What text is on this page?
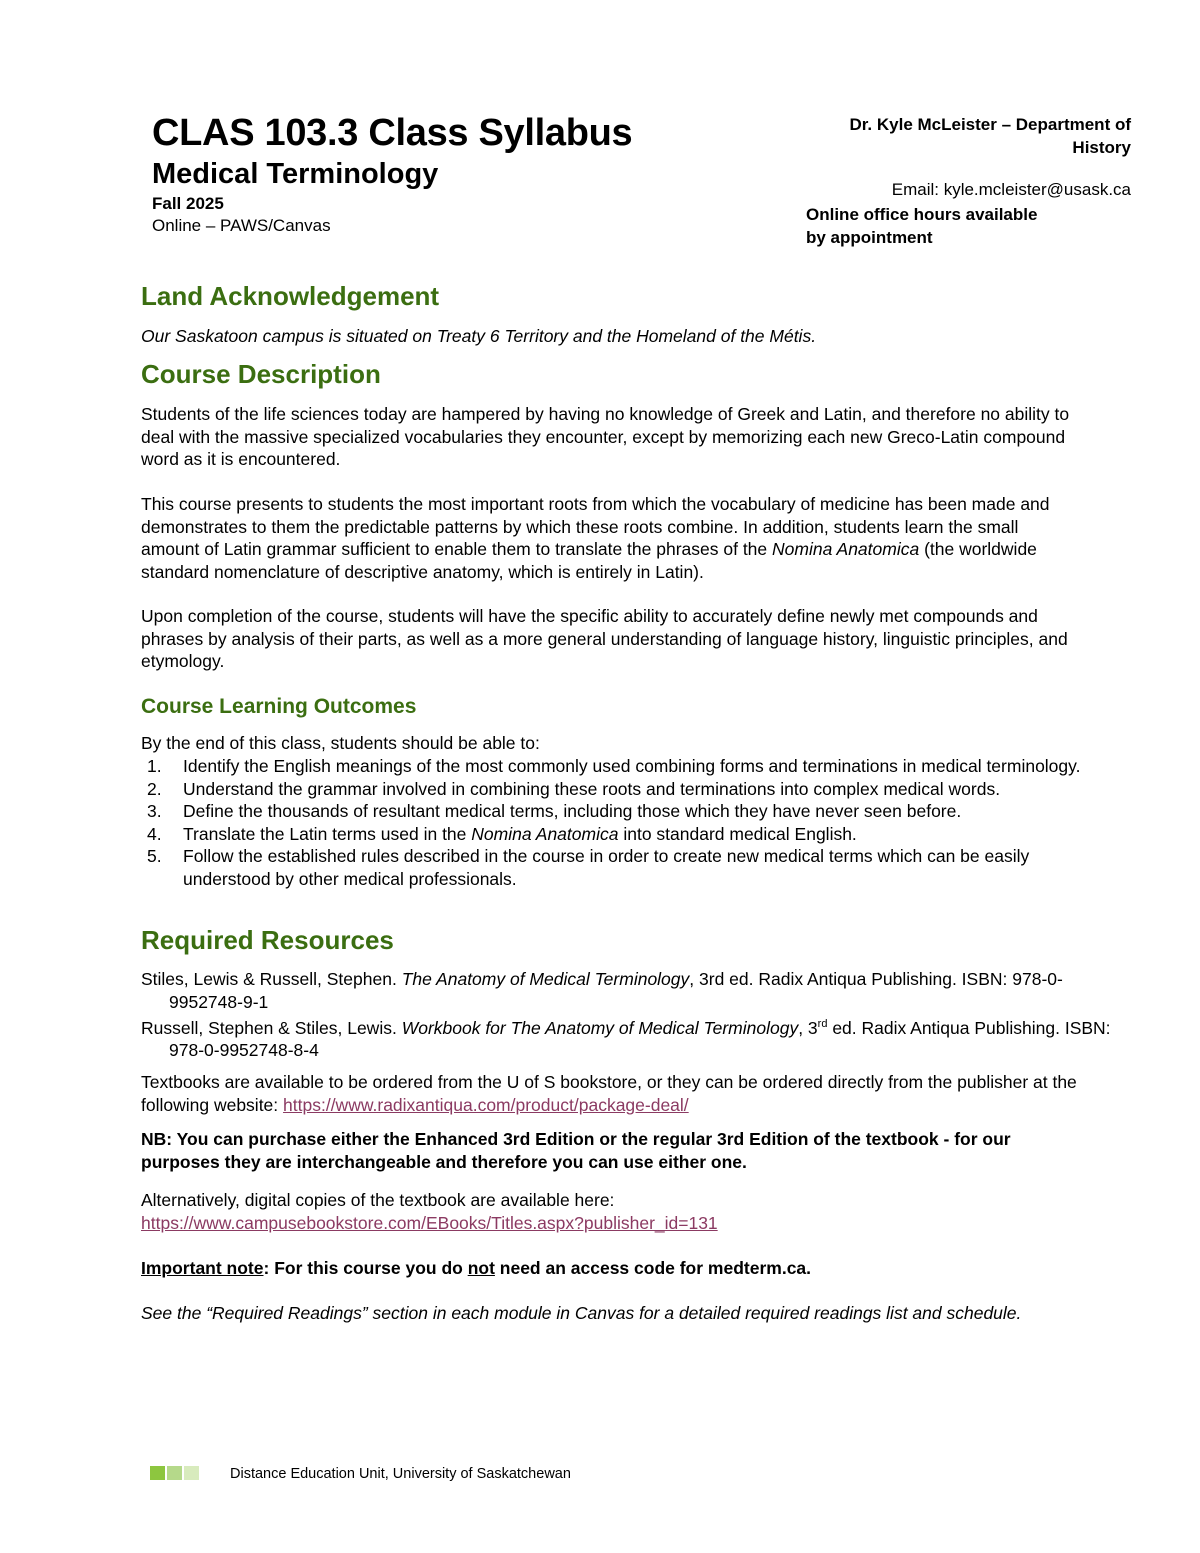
CLAS 103.3 Class Syllabus
Medical Terminology
Fall 2025
Online – PAWS/Canvas
Dr. Kyle McLeister – Department of
History
Email: kyle.mcleister@usask.ca
Online office hours available
by appointment
Land Acknowledgement
Our Saskatoon campus is situated on Treaty 6 Territory and the Homeland of the Métis.
Course Description
Students of the life sciences today are hampered by having no knowledge of Greek and Latin, and therefore no ability to deal with the massive specialized vocabularies they encounter, except by memorizing each new Greco-Latin compound word as it is encountered.
This course presents to students the most important roots from which the vocabulary of medicine has been made and demonstrates to them the predictable patterns by which these roots combine. In addition, students learn the small amount of Latin grammar sufficient to enable them to translate the phrases of the Nomina Anatomica (the worldwide standard nomenclature of descriptive anatomy, which is entirely in Latin).
Upon completion of the course, students will have the specific ability to accurately define newly met compounds and phrases by analysis of their parts, as well as a more general understanding of language history, linguistic principles, and etymology.
Course Learning Outcomes
By the end of this class, students should be able to:
1. Identify the English meanings of the most commonly used combining forms and terminations in medical terminology.
2. Understand the grammar involved in combining these roots and terminations into complex medical words.
3. Define the thousands of resultant medical terms, including those which they have never seen before.
4. Translate the Latin terms used in the Nomina Anatomica into standard medical English.
5. Follow the established rules described in the course in order to create new medical terms which can be easily understood by other medical professionals.
Required Resources
Stiles, Lewis & Russell, Stephen. The Anatomy of Medical Terminology, 3rd ed. Radix Antiqua Publishing. ISBN: 978-0-9952748-9-1
Russell, Stephen & Stiles, Lewis. Workbook for The Anatomy of Medical Terminology, 3rd ed. Radix Antiqua Publishing. ISBN: 978-0-9952748-8-4
Textbooks are available to be ordered from the U of S bookstore, or they can be ordered directly from the publisher at the following website: https://www.radixantiqua.com/product/package-deal/
NB: You can purchase either the Enhanced 3rd Edition or the regular 3rd Edition of the textbook - for our purposes they are interchangeable and therefore you can use either one.
Alternatively, digital copies of the textbook are available here:
https://www.campusebookstore.com/EBooks/Titles.aspx?publisher_id=131
Important note: For this course you do not need an access code for medterm.ca.
See the “Required Readings” section in each module in Canvas for a detailed required readings list and schedule.
Distance Education Unit, University of Saskatchewan
